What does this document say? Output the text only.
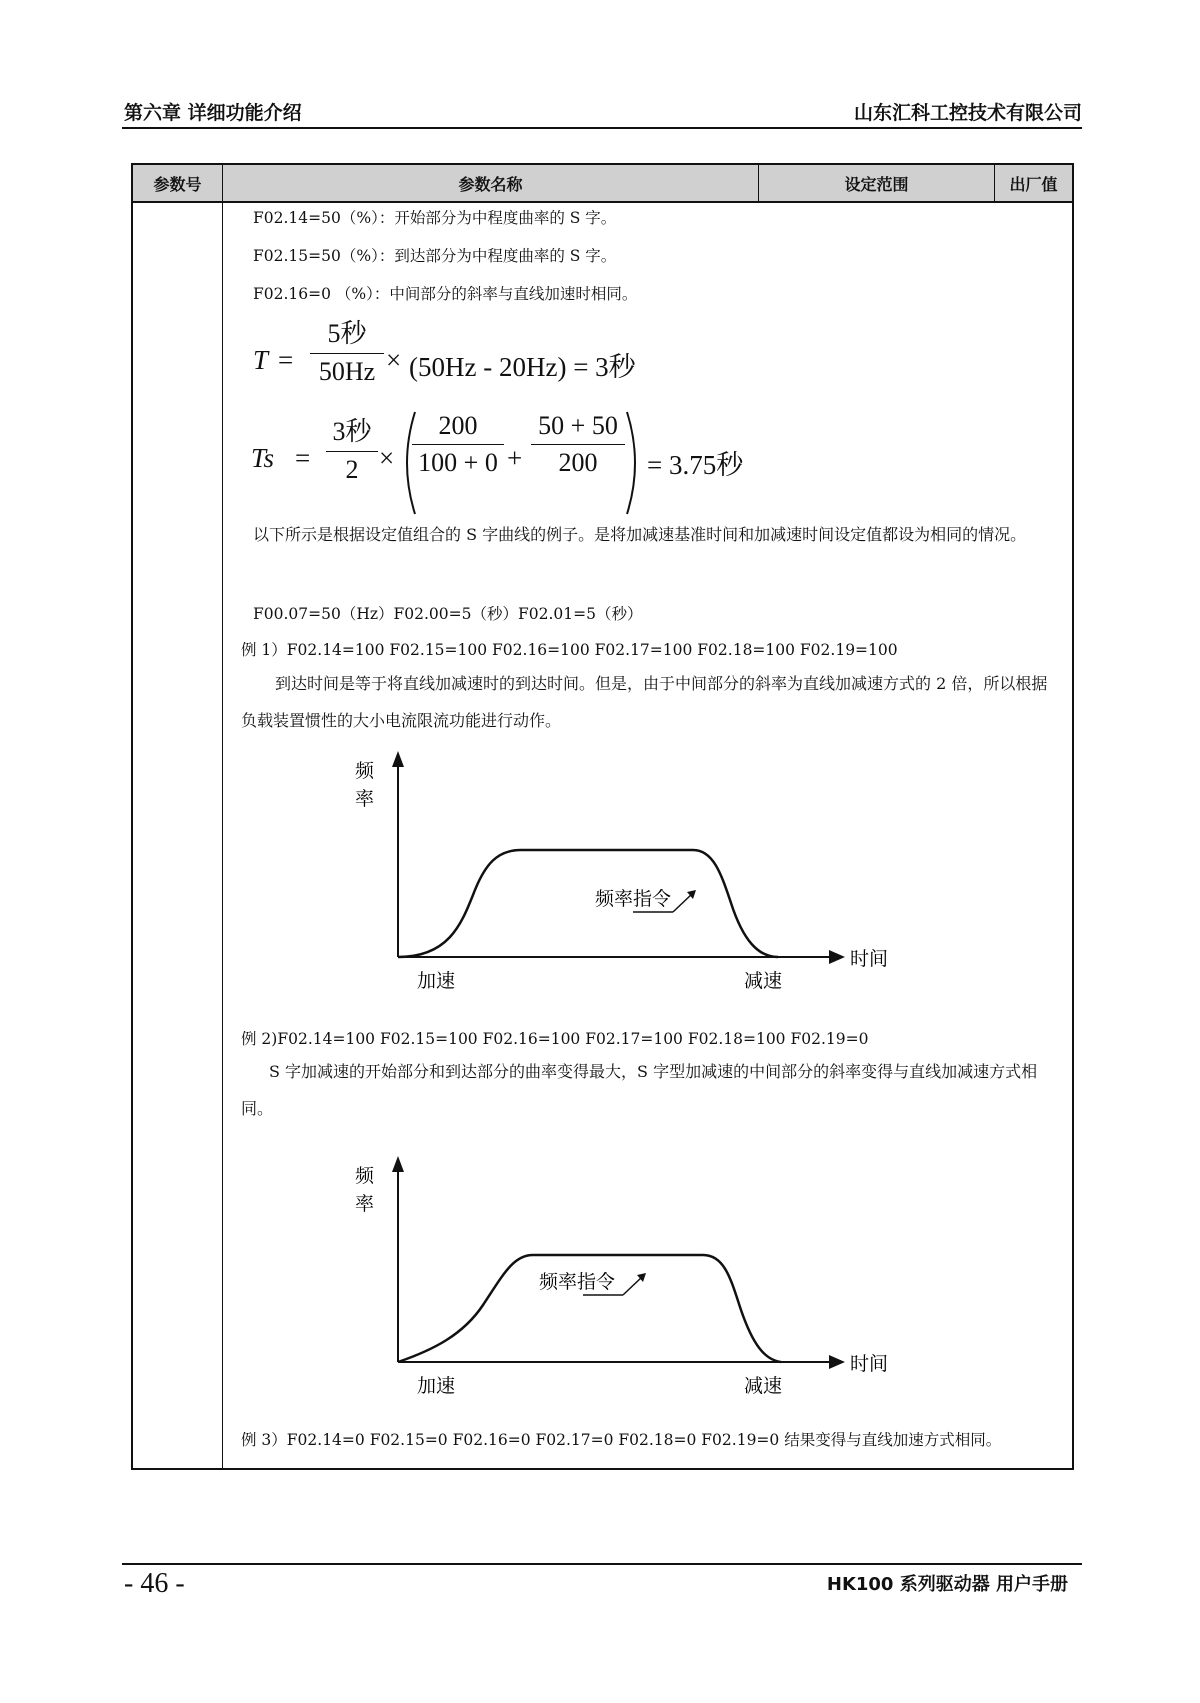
第六章 详细功能介绍	山东汇科工控技术有限公司
参数号	参数名称	设定范围	出厂值
F02.14=50（%）：开始部分为中程度曲率的 S 字。
F02.15=50（%）：到达部分为中程度曲率的 S 字。
F02.16=0 （%）：中间部分的斜率与直线加速时相同。
T =
5秒
50Hz × (50Hz - 20Hz) = 3秒
Ts =
3秒
2 ×
200
100 + 0 +
50 + 50
200	= 3.75秒
以下所示是根据设定值组合的 S 字曲线的例子。是将加减速基准时间和加减速时间设定值都设为相同的情况。
F00.07=50（Hz）F02.00=5（秒）F02.01=5（秒）
例 1）F02.14=100 F02.15=100 F02.16=100 F02.17=100 F02.18=100 F02.19=100
到达时间是等于将直线加减速时的到达时间。但是，由于中间部分的斜率为直线加减速方式的 2 倍，所以根据负载装置惯性的大小电流限流功能进行动作。
频
率
频率指令
时间
加速	减速
例 2)F02.14=100 F02.15=100 F02.16=100 F02.17=100 F02.18=100 F02.19=0
S 字加减速的开始部分和到达部分的曲率变得最大，S 字型加减速的中间部分的斜率变得与直线加减速方式相同。
频
率
频率指令
时间
加速	减速
例 3）F02.14=0 F02.15=0 F02.16=0 F02.17=0 F02.18=0 F02.19=0 结果变得与直线加速方式相同。
- 46 -	HK100 系列驱动器 用户手册
